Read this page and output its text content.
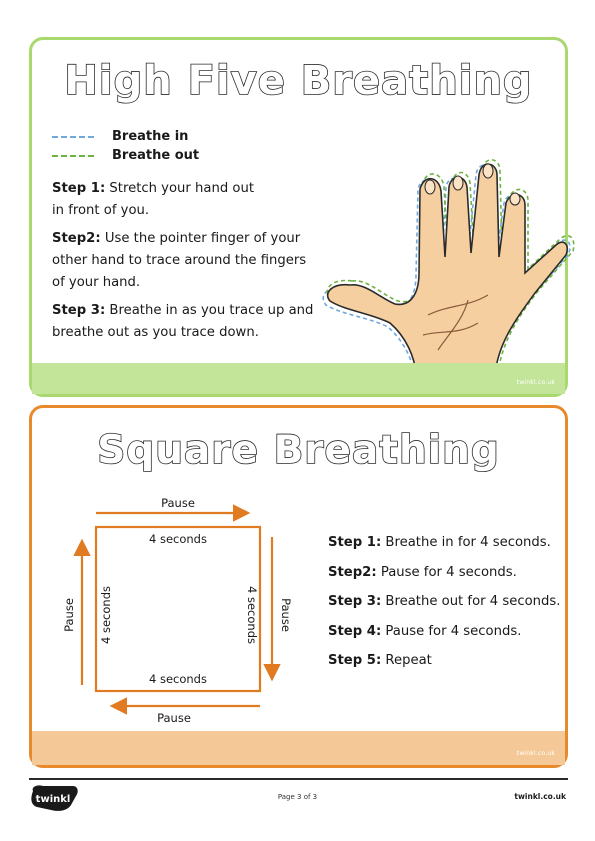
High Five Breathing
Breathe in
Breathe out

Step 1: Stretch your hand out in front of you.

Step2: Use the pointer finger of your other hand to trace around the fingers of your hand.

Step 3: Breathe in as you trace up and breathe out as you trace down.

twinkl.co.uk
Square Breathing
Pause
4 seconds
4 seconds
Pause
Pause 4 seconds	4 seconds Pause

Step 1: Breathe in for 4 seconds.

Step2: Pause for 4 seconds.

Step 3: Breathe out for 4 seconds.

Step 4: Pause for 4 seconds.

Step 5: Repeat

twinkl.co.uk
twinkl	Page 3 of 3	twinkl.co.uk
